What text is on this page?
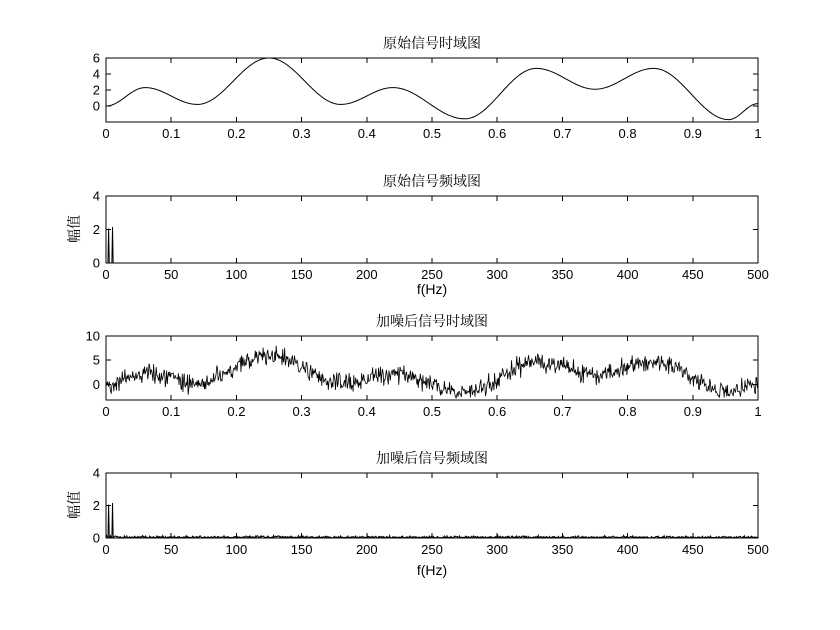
0	0.1	0.2	0.3	0.4	0.5	0.6	0.7	0.8	0.9	1
0
2
4
6
0	50	100	150	200	250	300	350	400	450	500
0
2
4
0	0.1	0.2	0.3	0.4	0.5	0.6	0.7	0.8	0.9	1
0
5
10
0	50	100	150	200	250	300	350	400	450	500
0
2
4
原始信号时域图
原始信号频域图
加噪后信号时域图
加噪后信号频域图
f(Hz)
f(Hz)
幅值
幅值
